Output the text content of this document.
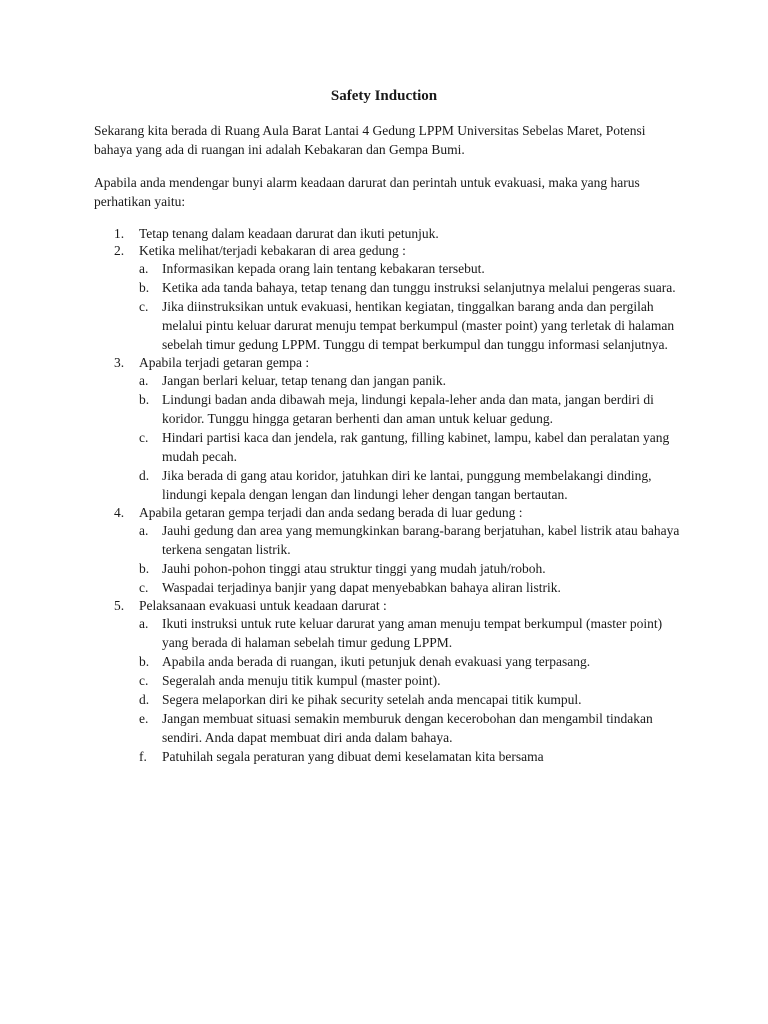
Safety Induction

Sekarang kita berada di Ruang Aula Barat Lantai 4 Gedung LPPM Universitas Sebelas Maret, Potensi bahaya yang ada di ruangan ini adalah Kebakaran dan Gempa Bumi.

Apabila anda mendengar bunyi alarm keadaan darurat dan perintah untuk evakuasi, maka yang harus perhatikan yaitu:

1. Tetap tenang dalam keadaan darurat dan ikuti petunjuk.
2. Ketika melihat/terjadi kebakaran di area gedung :
a. Informasikan kepada orang lain tentang kebakaran tersebut.
b. Ketika ada tanda bahaya, tetap tenang dan tunggu instruksi selanjutnya melalui pengeras suara.
c. Jika diinstruksikan untuk evakuasi, hentikan kegiatan, tinggalkan barang anda dan pergilah melalui pintu keluar darurat menuju tempat berkumpul (master point) yang terletak di halaman sebelah timur gedung LPPM. Tunggu di tempat berkumpul dan tunggu informasi selanjutnya.
3. Apabila terjadi getaran gempa :
a. Jangan berlari keluar, tetap tenang dan jangan panik.
b. Lindungi badan anda dibawah meja, lindungi kepala-leher anda dan mata, jangan berdiri di koridor. Tunggu hingga getaran berhenti dan aman untuk keluar gedung.
c. Hindari partisi kaca dan jendela, rak gantung, filling kabinet, lampu, kabel dan peralatan yang mudah pecah.
d. Jika berada di gang atau koridor, jatuhkan diri ke lantai, punggung membelakangi dinding, lindungi kepala dengan lengan dan lindungi leher dengan tangan bertautan.
4. Apabila getaran gempa terjadi dan anda sedang berada di luar gedung :
a. Jauhi gedung dan area yang memungkinkan barang-barang berjatuhan, kabel listrik atau bahaya terkena sengatan listrik.
b. Jauhi pohon-pohon tinggi atau struktur tinggi yang mudah jatuh/roboh.
c. Waspadai terjadinya banjir yang dapat menyebabkan bahaya aliran listrik.
5. Pelaksanaan evakuasi untuk keadaan darurat :
a. Ikuti instruksi untuk rute keluar darurat yang aman menuju tempat berkumpul (master point) yang berada di halaman sebelah timur gedung LPPM.
b. Apabila anda berada di ruangan, ikuti petunjuk denah evakuasi yang terpasang.
c. Segeralah anda menuju titik kumpul (master point).
d. Segera melaporkan diri ke pihak security setelah anda mencapai titik kumpul.
e. Jangan membuat situasi semakin memburuk dengan kecerobohan dan mengambil tindakan sendiri. Anda dapat membuat diri anda dalam bahaya.
f. Patuhilah segala peraturan yang dibuat demi keselamatan kita bersama
